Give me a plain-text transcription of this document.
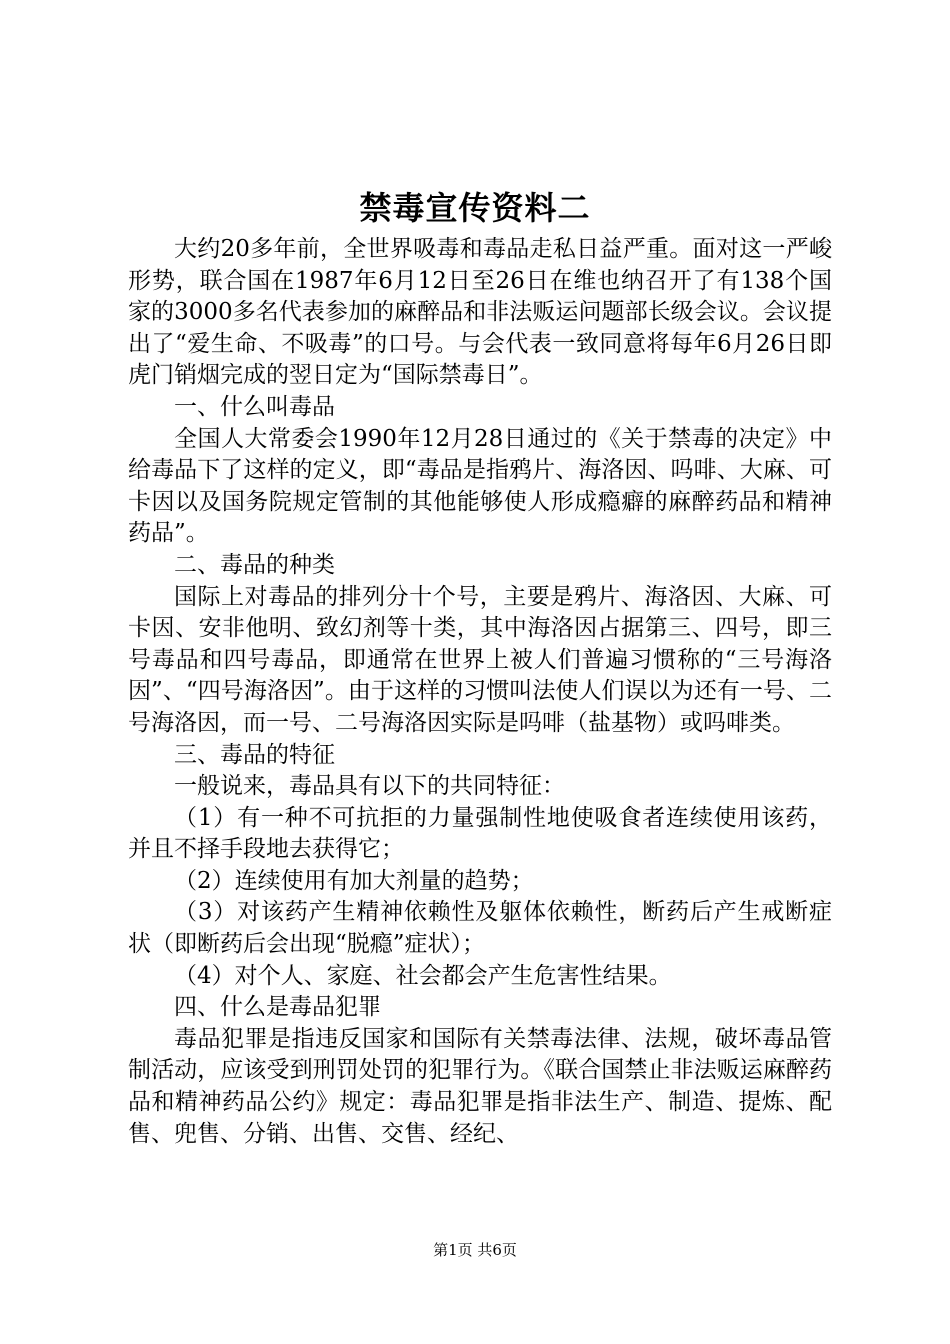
禁毒宣传资料二

大约20多年前，全世界吸毒和毒品走私日益严重。面对这一严峻形势，联合国在1987年6月12日至26日在维也纳召开了有138个国家的3000多名代表参加的麻醉品和非法贩运问题部长级会议。会议提出了“爱生命、不吸毒”的口号。与会代表一致同意将每年6月26日即虎门销烟完成的翌日定为“国际禁毒日”。

一、什么叫毒品

全国人大常委会1990年12月28日通过的《关于禁毒的决定》中给毒品下了这样的定义，即“毒品是指鸦片、海洛因、吗啡、大麻、可卡因以及国务院规定管制的其他能够使人形成瘾癖的麻醉药品和精神药品”。

二、毒品的种类

国际上对毒品的排列分十个号，主要是鸦片、海洛因、大麻、可卡因、安非他明、致幻剂等十类，其中海洛因占据第三、四号，即三号毒品和四号毒品，即通常在世界上被人们普遍习惯称的“三号海洛因”、“四号海洛因”。由于这样的习惯叫法使人们误以为还有一号、二号海洛因，而一号、二号海洛因实际是吗啡（盐基物）或吗啡类。

三、毒品的特征

一般说来，毒品具有以下的共同特征：

（1）有一种不可抗拒的力量强制性地使吸食者连续使用该药，并且不择手段地去获得它；

（2）连续使用有加大剂量的趋势；

（3）对该药产生精神依赖性及躯体依赖性，断药后产生戒断症状（即断药后会出现“脱瘾”症状）；

（4）对个人、家庭、社会都会产生危害性结果。

四、什么是毒品犯罪

毒品犯罪是指违反国家和国际有关禁毒法律、法规，破坏毒品管制活动，应该受到刑罚处罚的犯罪行为。《联合国禁止非法贩运麻醉药品和精神药品公约》规定：毒品犯罪是指非法生产、制造、提炼、配售、兜售、分销、出售、交售、经纪、

第1页 共6页
